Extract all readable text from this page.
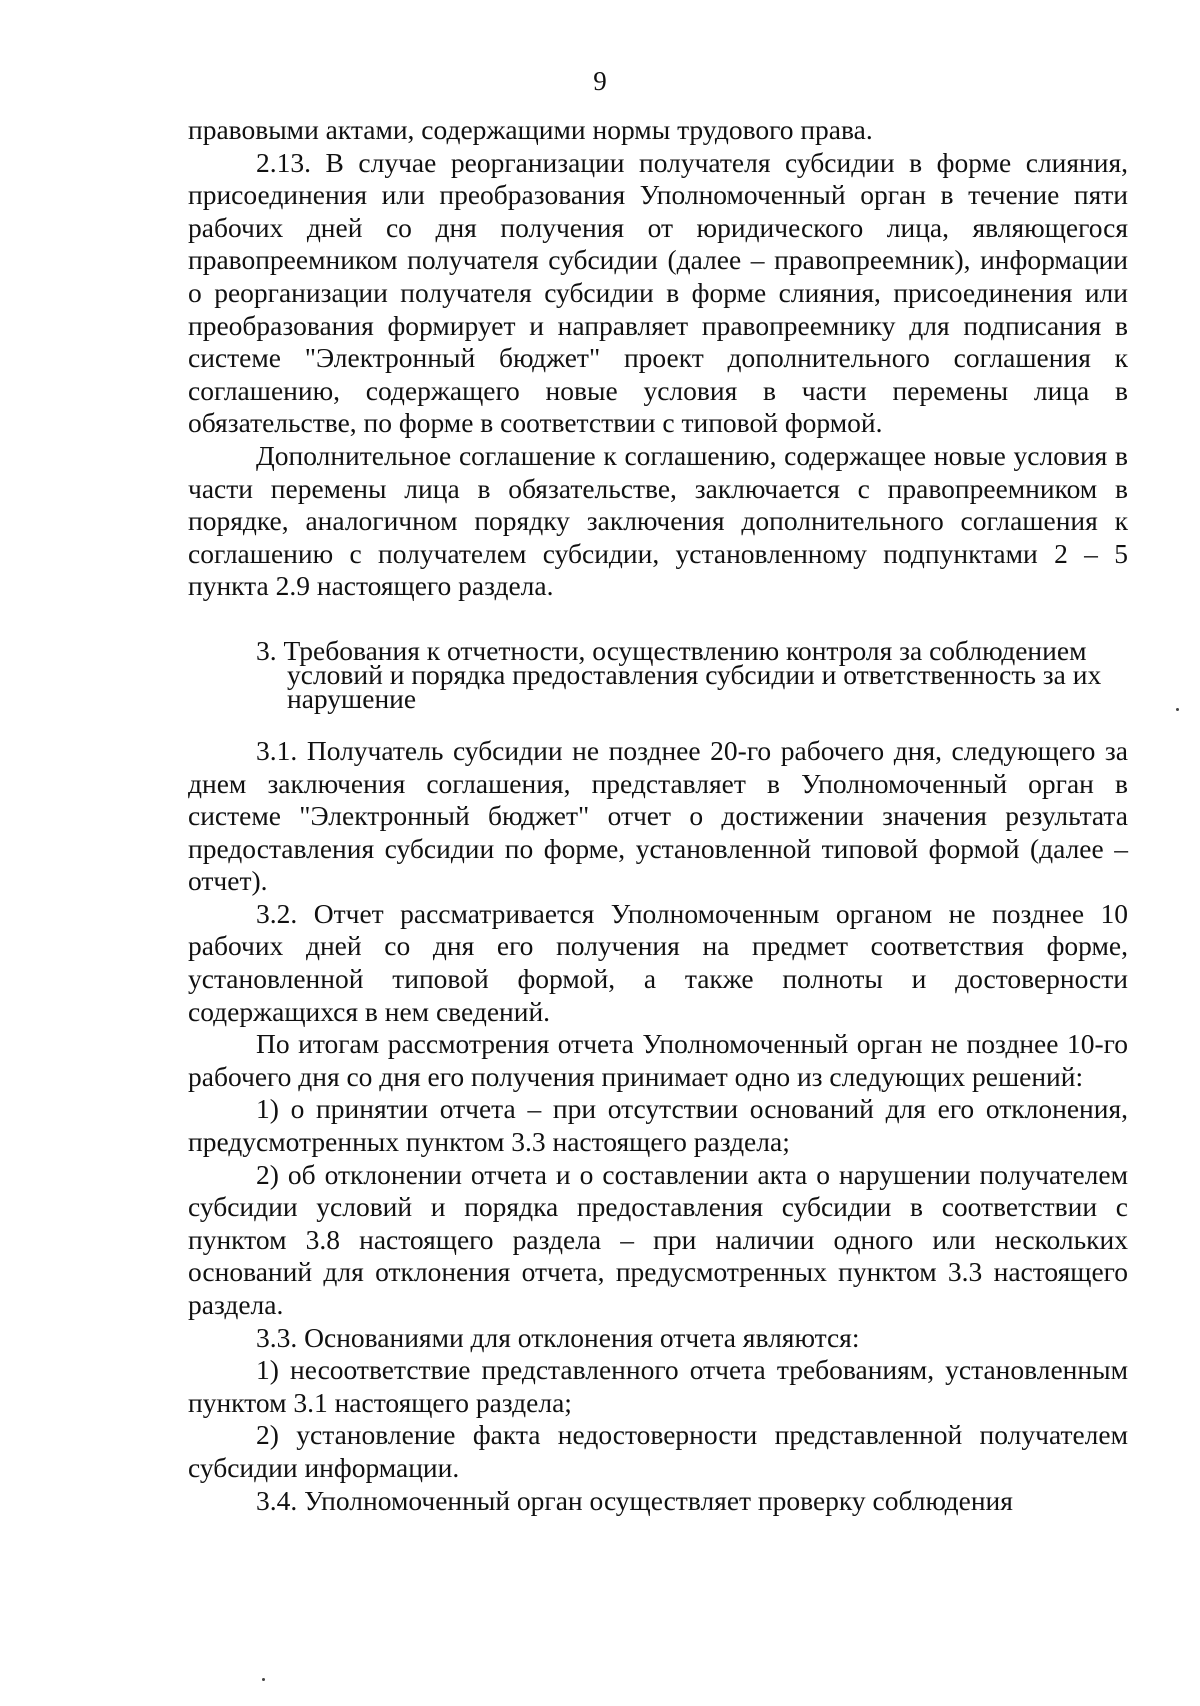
9

правовыми актами, содержащими нормы трудового права.

2.13. В случае реорганизации получателя субсидии в форме слияния, присоединения или преобразования Уполномоченный орган в течение пяти рабочих дней со дня получения от юридического лица, являющегося правопреемником получателя субсидии (далее – правопреемник), информации о реорганизации получателя субсидии в форме слияния, присоединения или преобразования формирует и направляет правопреемнику для подписания в системе "Электронный бюджет" проект дополнительного соглашения к соглашению, содержащего новые условия в части перемены лица в обязательстве, по форме в соответствии с типовой формой.

Дополнительное соглашение к соглашению, содержащее новые условия в части перемены лица в обязательстве, заключается с правопреемником в порядке, аналогичном порядку заключения дополнительного соглашения к соглашению с получателем субсидии, установленному подпунктами 2 – 5 пункта 2.9 настоящего раздела.

3. Требования к отчетности, осуществлению контроля за соблюдением
условий и порядка предоставления субсидии и ответственность за их нарушение

3.1. Получатель субсидии не позднее 20-го рабочего дня, следующего за днем заключения соглашения, представляет в Уполномоченный орган в системе "Электронный бюджет" отчет о достижении значения результата предоставления субсидии по форме, установленной типовой формой (далее – отчет).

3.2. Отчет рассматривается Уполномоченным органом не позднее 10 рабочих дней со дня его получения на предмет соответствия форме, установленной типовой формой, а также полноты и достоверности содержащихся в нем сведений.

По итогам рассмотрения отчета Уполномоченный орган не позднее 10-го рабочего дня со дня его получения принимает одно из следующих решений:

1) о принятии отчета – при отсутствии оснований для его отклонения, предусмотренных пунктом 3.3 настоящего раздела;

2) об отклонении отчета и о составлении акта о нарушении получателем субсидии условий и порядка предоставления субсидии в соответствии с пунктом 3.8 настоящего раздела – при наличии одного или нескольких оснований для отклонения отчета, предусмотренных пунктом 3.3 настоящего раздела.

3.3. Основаниями для отклонения отчета являются:

1) несоответствие представленного отчета требованиям, установленным пунктом 3.1 настоящего раздела;

2) установление факта недостоверности представленной получателем субсидии информации.

3.4. Уполномоченный орган осуществляет проверку соблюдения
